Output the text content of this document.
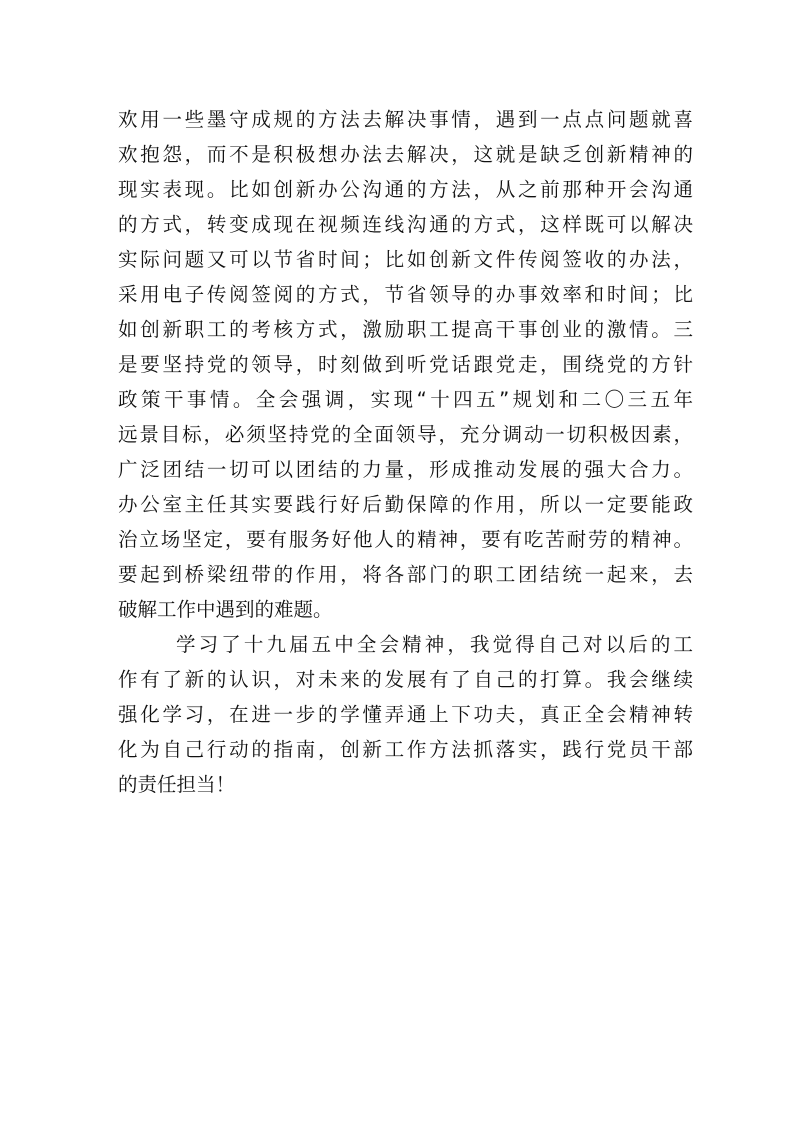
欢用一些墨守成规的方法去解决事情，遇到一点点问题就喜
欢抱怨，而不是积极想办法去解决，这就是缺乏创新精神的
现实表现。比如创新办公沟通的方法，从之前那种开会沟通
的方式，转变成现在视频连线沟通的方式，这样既可以解决
实际问题又可以节省时间；比如创新文件传阅签收的办法，
采用电子传阅签阅的方式，节省领导的办事效率和时间；比
如创新职工的考核方式，激励职工提高干事创业的激情。三
是要坚持党的领导，时刻做到听党话跟党走，围绕党的方针
政策干事情。全会强调，实现“十四五”规划和二〇三五年
远景目标，必须坚持党的全面领导，充分调动一切积极因素，
广泛团结一切可以团结的力量，形成推动发展的强大合力。
办公室主任其实要践行好后勤保障的作用，所以一定要能政
治立场坚定，要有服务好他人的精神，要有吃苦耐劳的精神。
要起到桥梁纽带的作用，将各部门的职工团结统一起来，去
破解工作中遇到的难题。
学习了十九届五中全会精神，我觉得自己对以后的工
作有了新的认识，对未来的发展有了自己的打算。我会继续
强化学习，在进一步的学懂弄通上下功夫，真正全会精神转
化为自己行动的指南，创新工作方法抓落实，践行党员干部
的责任担当！
